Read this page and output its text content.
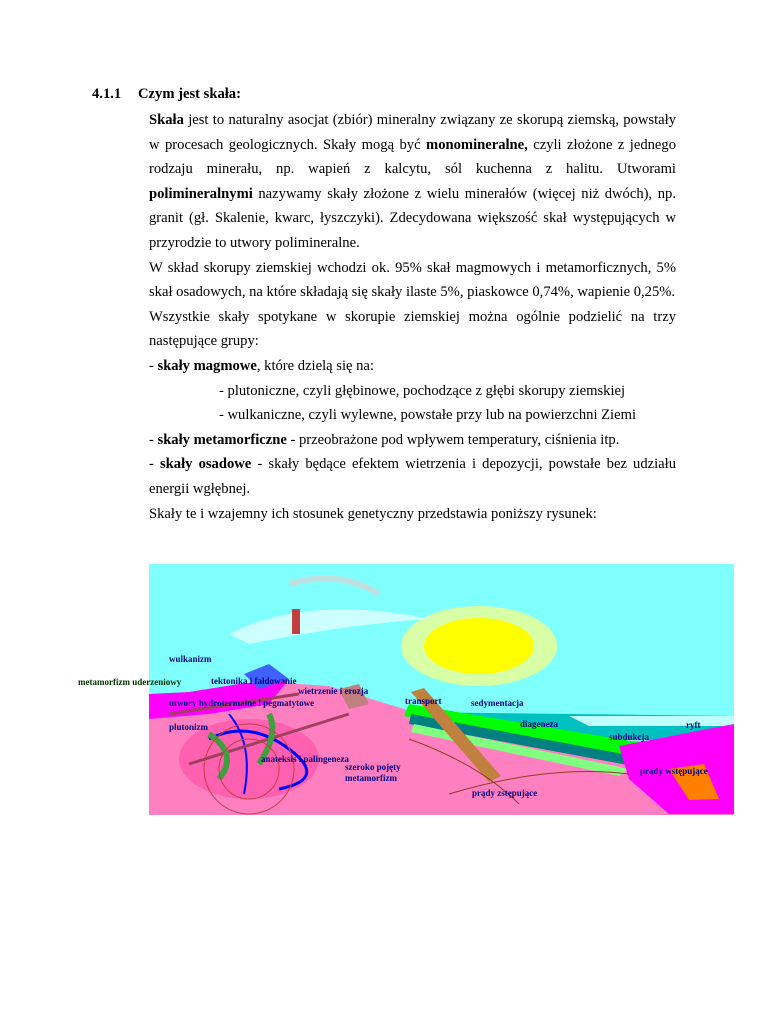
4.1.1 Czym jest skała:

Skała jest to naturalny asocjat (zbiór) mineralny związany ze skorupą ziemską, powstały w procesach geologicznych. Skały mogą być monomineralne, czyli złożone z jednego rodzaju minerału, np. wapień z kalcytu, sól kuchenna z halitu. Utworami polimineralnymi nazywamy skały złożone z wielu minerałów (więcej niż dwóch), np. granit (gł. Skalenie, kwarc, łyszczyki). Zdecydowana większość skał występujących w przyrodzie to utwory polimineralne.

W skład skorupy ziemskiej wchodzi ok. 95% skał magmowych i metamorficznych, 5% skał osadowych, na które składają się skały ilaste 5%, piaskowce 0,74%, wapienie 0,25%.

Wszystkie skały spotykane w skorupie ziemskiej można ogólnie podzielić na trzy następujące grupy:

- skały magmowe, które dzielą się na:

- plutoniczne, czyli głębinowe, pochodzące z głębi skorupy ziemskiej

- wulkaniczne, czyli wylewne, powstałe przy lub na powierzchni Ziemi

- skały metamorficzne - przeobrażone pod wpływem temperatury, ciśnienia itp.

- skały osadowe - skały będące efektem wietrzenia i depozycji, powstałe bez udziału energii wgłębnej.

Skały te i wzajemny ich stosunek genetyczny przedstawia poniższy rysunek:

wulkanizm
tektonika i fałdowanie
wietrzenie i erozja
transport	sedymentacja
utwory hydrotermalne i pegmatytowe
plutonizm	diageneza	ryft
subdukcja
anateksis i palingeneza
szeroko pojęty
metamorfizm
prądy wstępujące
prądy zstępujące
metamorfizm uderzeniowy
